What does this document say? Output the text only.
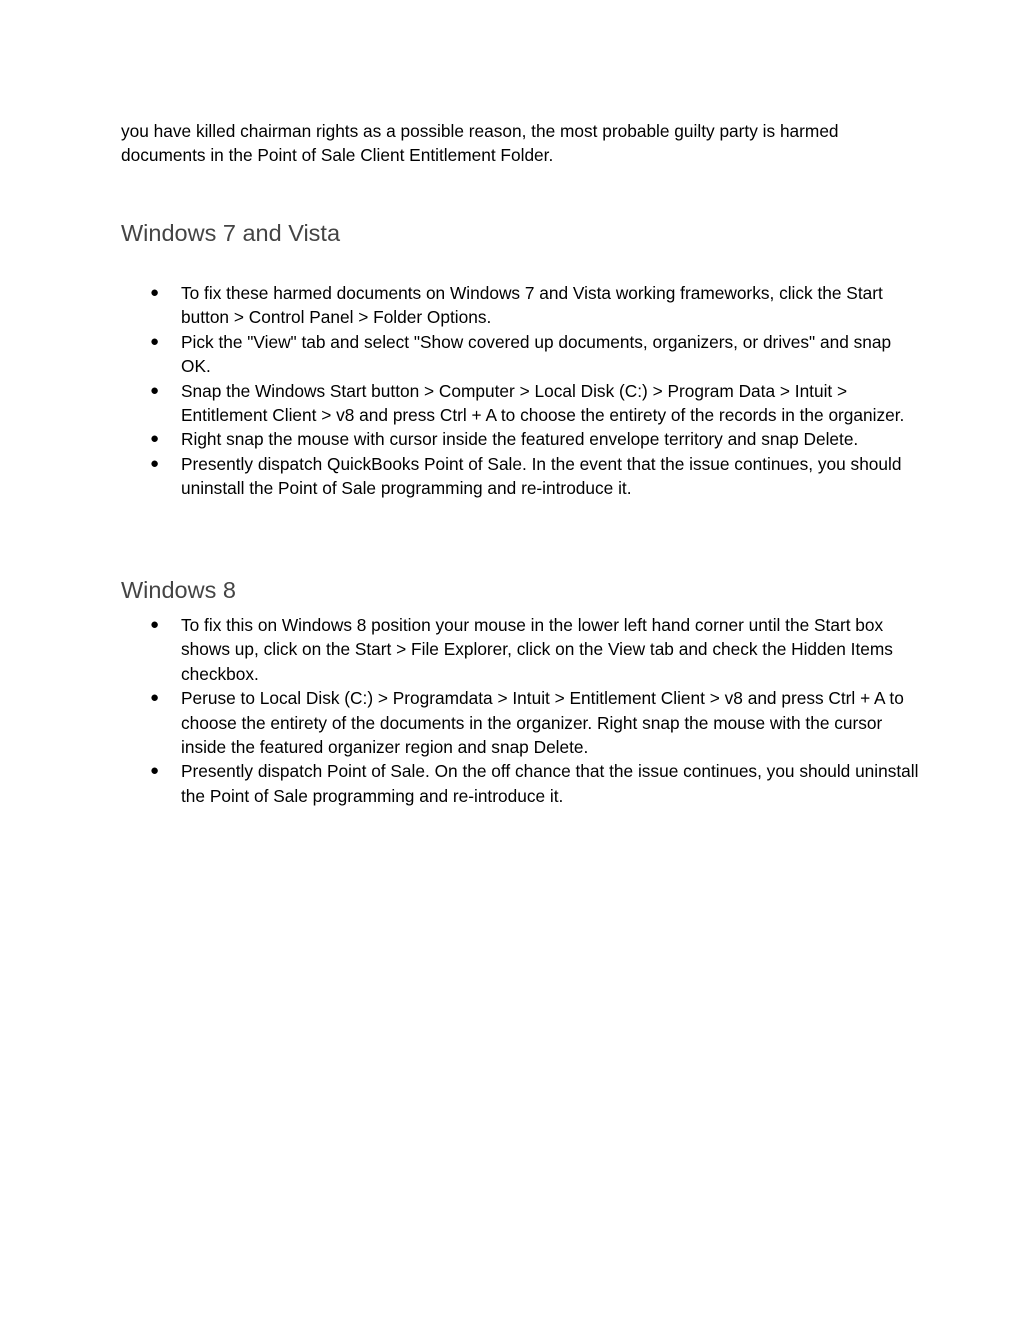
you have killed chairman rights as a possible reason, the most probable guilty party is harmed documents in the Point of Sale Client Entitlement Folder.

Windows 7 and Vista
● To fix these harmed documents on Windows 7 and Vista working frameworks, click the Start button > Control Panel > Folder Options.
● Pick the "View" tab and select "Show covered up documents, organizers, or drives" and snap OK.
● Snap the Windows Start button > Computer > Local Disk (C:) > Program Data > Intuit > Entitlement Client > v8 and press Ctrl + A to choose the entirety of the records in the organizer.
● Right snap the mouse with cursor inside the featured envelope territory and snap Delete.
● Presently dispatch QuickBooks Point of Sale. In the event that the issue continues, you should uninstall the Point of Sale programming and re-introduce it.
Windows 8
● To fix this on Windows 8 position your mouse in the lower left hand corner until the Start box shows up, click on the Start > File Explorer, click on the View tab and check the Hidden Items checkbox.
● Peruse to Local Disk (C:) > Programdata > Intuit > Entitlement Client > v8 and press Ctrl + A to choose the entirety of the documents in the organizer. Right snap the mouse with the cursor inside the featured organizer region and snap Delete.
● Presently dispatch Point of Sale. On the off chance that the issue continues, you should uninstall the Point of Sale programming and re-introduce it.
